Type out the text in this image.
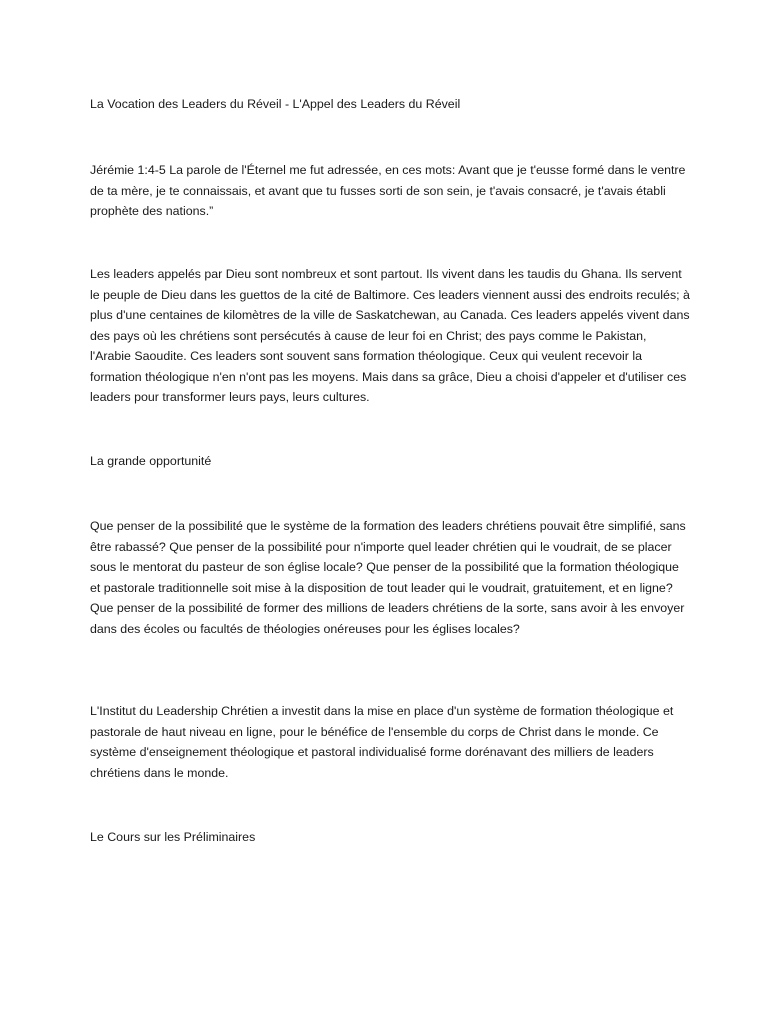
La Vocation des Leaders du Réveil - L'Appel des Leaders du Réveil

Jérémie 1:4-5 La parole de l'Éternel me fut adressée, en ces mots: Avant que je t'eusse formé dans le ventre de ta mère, je te connaissais, et avant que tu fusses sorti de son sein, je t'avais consacré, je t'avais établi prophète des nations.”

Les leaders appelés par Dieu sont nombreux et sont partout. Ils vivent dans les taudis du Ghana. Ils servent le peuple de Dieu dans les guettos de la cité de Baltimore. Ces leaders viennent aussi des endroits reculés; à plus d'une centaines de kilomètres de la ville de Saskatchewan, au Canada. Ces leaders appelés vivent dans des pays où les chrétiens sont persécutés à cause de leur foi en Christ; des pays comme le Pakistan, l'Arabie Saoudite. Ces leaders sont souvent sans formation théologique. Ceux qui veulent recevoir la formation théologique n'en n'ont pas les moyens. Mais dans sa grâce, Dieu a choisi d'appeler et d'utiliser ces leaders pour transformer leurs pays, leurs cultures.

La grande opportunité

Que penser de la possibilité que le système de la formation des leaders chrétiens pouvait être simplifié, sans être rabassé? Que penser de la possibilité pour n'importe quel leader chrétien qui le voudrait, de se placer sous le mentorat du pasteur de son église locale? Que penser de la possibilité que la formation théologique et pastorale traditionnelle soit mise à la disposition de tout leader qui le voudrait, gratuitement, et en ligne? Que penser de la possibilité de former des millions de leaders chrétiens de la sorte, sans avoir à les envoyer dans des écoles ou facultés de théologies onéreuses pour les églises locales?

L'Institut du Leadership Chrétien a investit dans la mise en place d'un système de formation théologique et pastorale de haut niveau en ligne, pour le bénéfice de l'ensemble du corps de Christ dans le monde. Ce système d'enseignement théologique et pastoral individualisé forme dorénavant des milliers de leaders chrétiens dans le monde.

Le Cours sur les Préliminaires
